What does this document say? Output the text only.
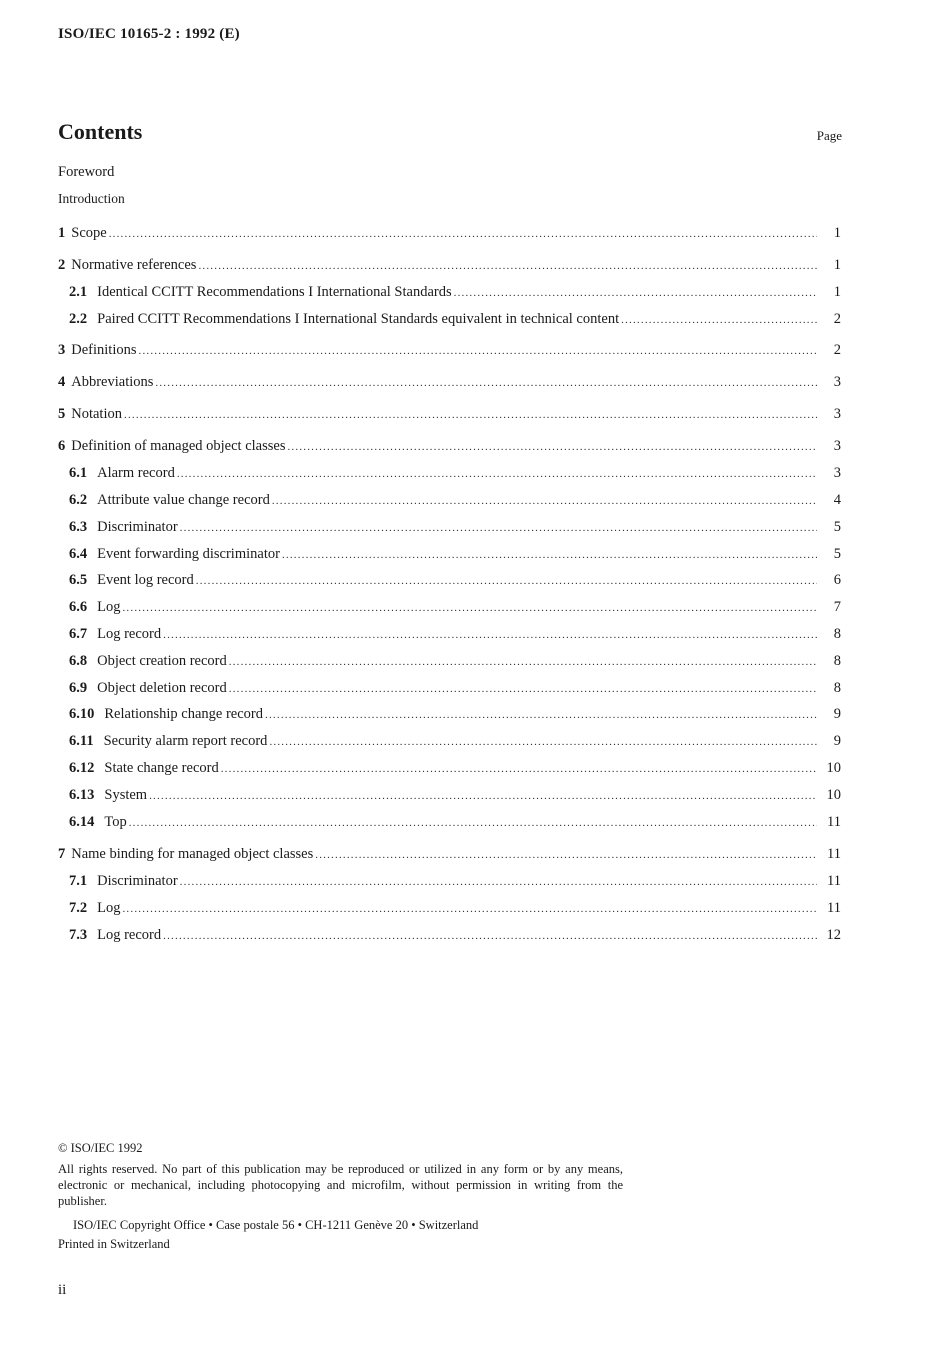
ISO/IEC 10165-2 : 1992 (E)
Contents	Page
Foreword
Introduction
1 Scope .....	1
2 Normative references .....	1
2.1 Identical CCITT Recommendations I International Standards .....	1
2.2 Paired CCITT Recommendations I International Standards equivalent in technical content .....	2
3 Definitions .....	2
4 Abbreviations .....	3
5 Notation .....	3
6 Definition of managed object classes .....	3
6.1 Alarm record .....	3
6.2 Attribute value change record .....	4
6.3 Discriminator .....	5
6.4 Event forwarding discriminator .....	5
6.5 Event log record .....	6
6.6 Log .....	7
6.7 Log record .....	8
6.8 Object creation record .....	8
6.9 Object deletion record .....	8
6.10 Relationship change record .....	9
6.11 Security alarm report record .....	9
6.12 State change record .....	10
6.13 System .....	10
6.14 Top .....	11
7 Name binding for managed object classes .....	11
7.1 Discriminator .....	11
7.2 Log .....	11
7.3 Log record .....	12
© ISO/IEC 1992
All rights reserved. No part of this publication may be reproduced or utilized in any form or by any means, electronic or mechanical, including photocopying and microfilm, without permission in writing from the publisher.
ISO/IEC Copyright Office • Case postale 56 • CH-1211 Genève 20 • Switzerland
Printed in Switzerland
ii
